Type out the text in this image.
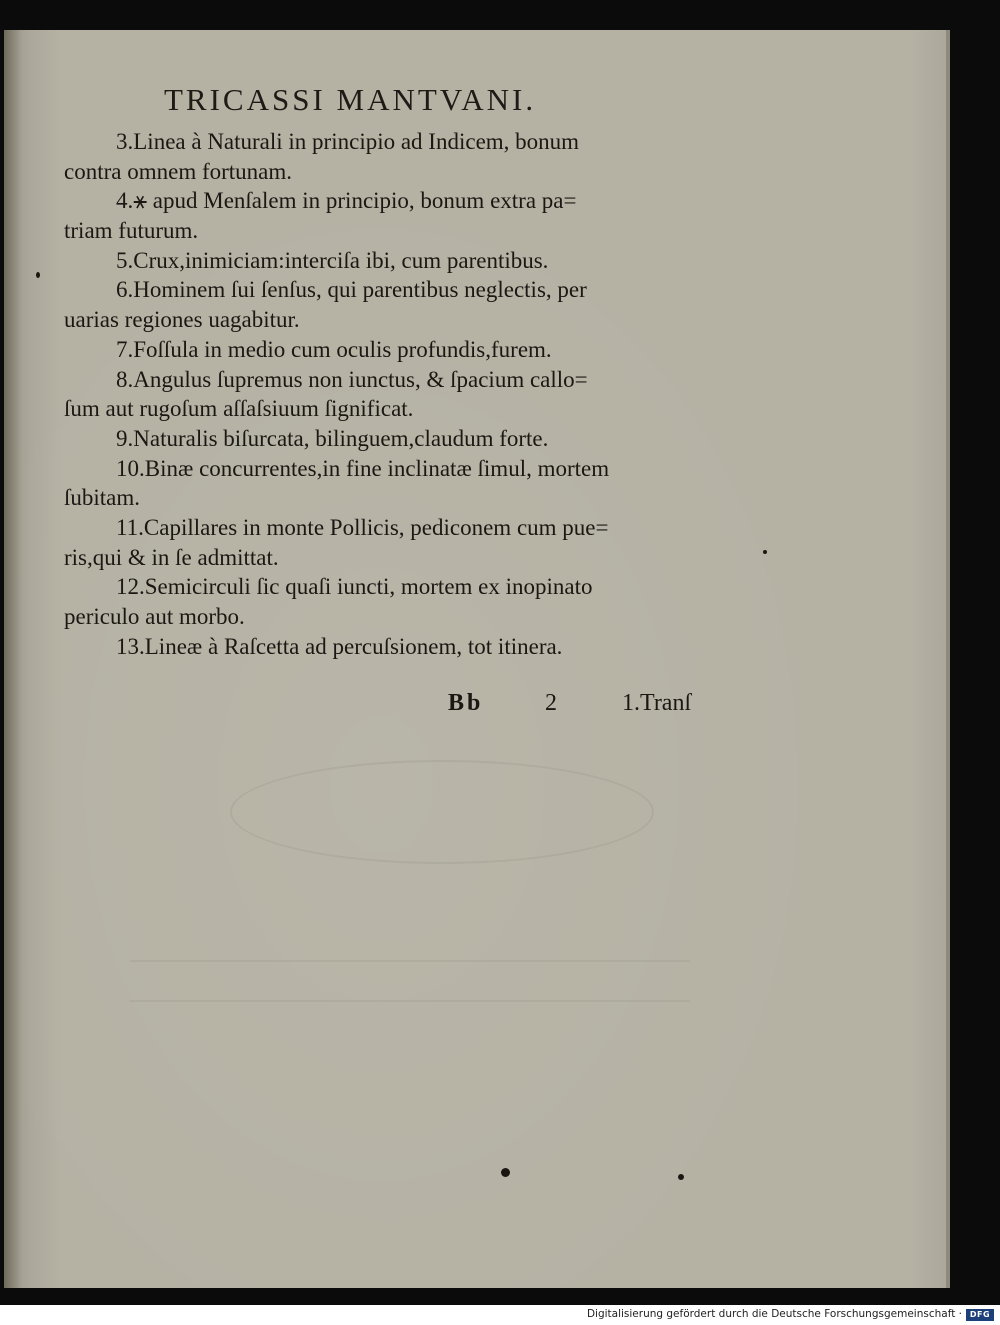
TRICASSI MANTVANI.
3.Linea à Naturali in principio ad Indicem, bonum
contra omnem fortunam.
4.⚹ apud Menſalem in principio, bonum extra pa=
triam futurum.
5.Crux,inimiciam:interciſa ibi, cum parentibus.
6.Hominem ſui ſenſus, qui parentibus neglectis, per
uarias regiones uagabitur.
7.Foſſula in medio cum oculis profundis,furem.
8.Angulus ſupremus non iunctus, & ſpacium callo=
ſum aut rugoſum aſſaſsiuum ſignificat.
9.Naturalis biſurcata, bilinguem,claudum forte.
10.Binæ concurrentes,in fine inclinatæ ſimul, mortem
ſubitam.
11.Capillares in monte Pollicis, pediconem cum pue=
ris,qui & in ſe admittat.
12.Semicirculi ſic quaſi iuncti, mortem ex inopinato
periculo aut morbo.
13.Lineæ à Raſcetta ad percuſsionem, tot itinera.
Bb	2	1.Tranſ
Digitalisierung gefördert durch die Deutsche Forschungsgemeinschaft · DFG
